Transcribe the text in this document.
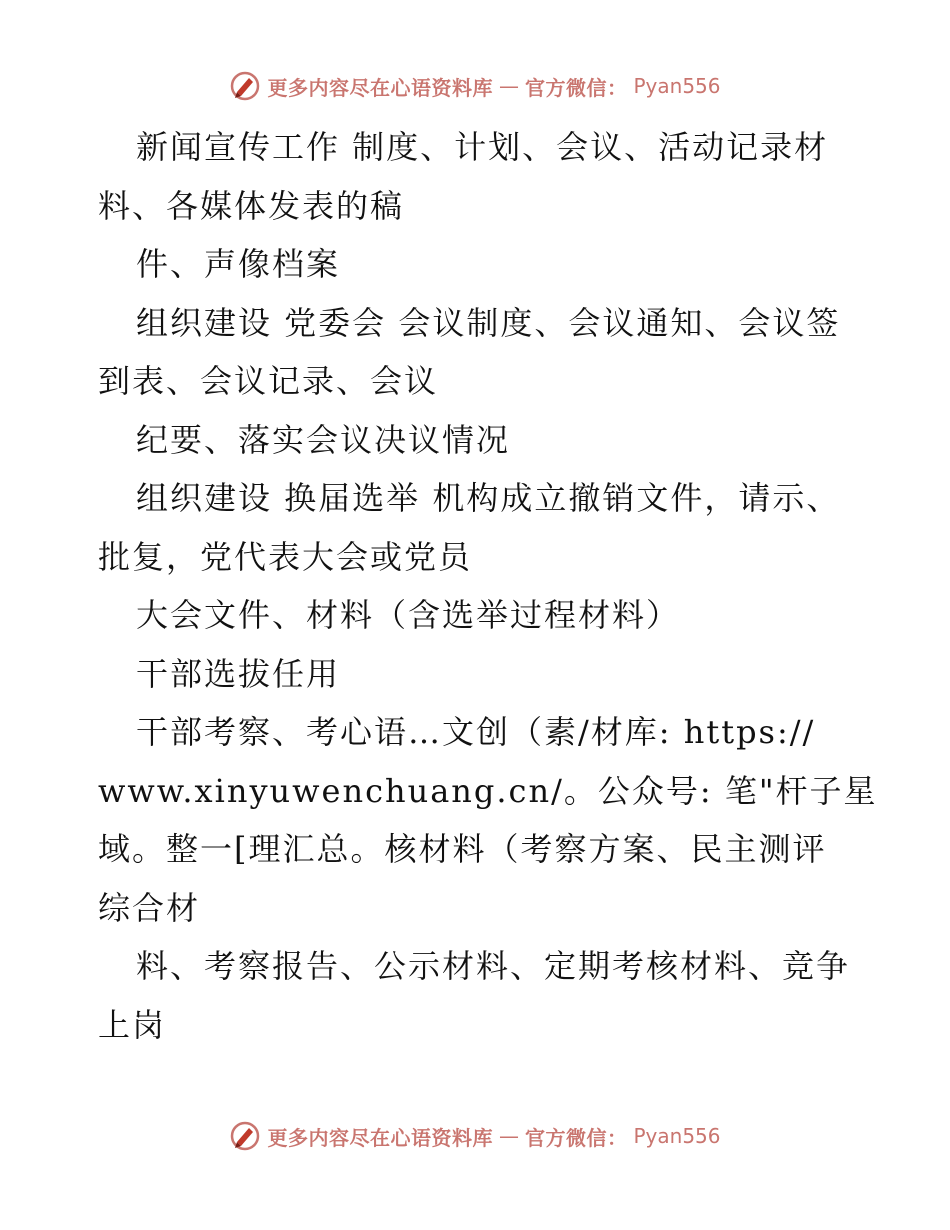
更多内容尽在心语资料库 — 官方微信： Pyan556
新闻宣传工作 制度、计划、会议、活动记录材
料、各媒体发表的稿
件、声像档案
组织建设 党委会 会议制度、会议通知、会议签
到表、会议记录、会议
纪要、落实会议决议情况
组织建设 换届选举 机构成立撤销文件，请示、
批复，党代表大会或党员
大会文件、材料（含选举过程材料）
干部选拔任用
干部考察、考心语…文创（素/材库: https://
www.xinyuwenchuang.cn/。公众号: 笔"杆子星
域。整一[理汇总。核材料（考察方案、民主测评
综合材
料、考察报告、公示材料、定期考核材料、竞争
上岗
更多内容尽在心语资料库 — 官方微信： Pyan556
